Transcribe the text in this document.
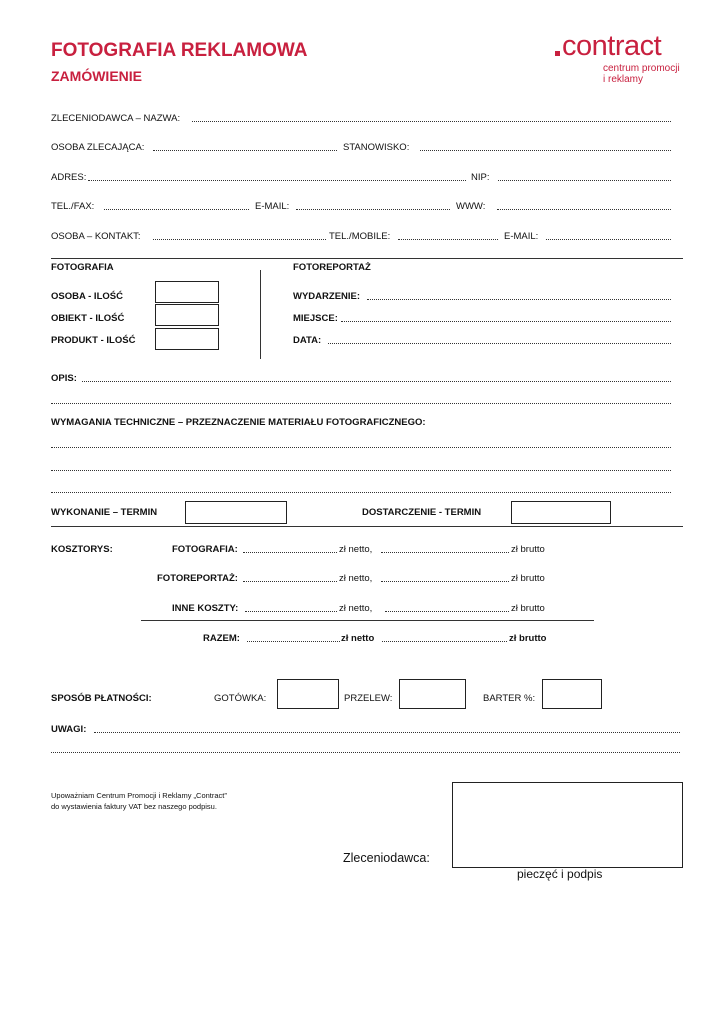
FOTOGRAFIA REKLAMOWA
ZAMÓWIENIE
contract
centrum promocji
i reklamy
ZLECENIODAWCA – NAZWA:
OSOBA ZLECAJĄCA:	STANOWISKO:
ADRES:	NIP:
TEL./FAX:	E-MAIL:	WWW:
OSOBA – KONTAKT:	TEL./MOBILE:	E-MAIL:
FOTOGRAFIA	FOTOREPORTAŻ
OSOBA - ILOŚĆ
OBIEKT - ILOŚĆ
PRODUKT - ILOŚĆ
WYDARZENIE:
MIEJSCE:
DATA:
OPIS:
WYMAGANIA TECHNICZNE – PRZEZNACZENIE MATERIAŁU FOTOGRAFICZNEGO:
WYKONANIE – TERMIN	DOSTARCZENIE - TERMIN
KOSZTORYS:	FOTOGRAFIA:	zł netto,	zł brutto
FOTOREPORTAŻ:	zł netto,	zł brutto
INNE KOSZTY:	zł netto,	zł brutto
RAZEM:	zł netto	zł brutto
SPOSÓB PŁATNOŚCI:	GOTÓWKA:	PRZELEW:	BARTER %:
UWAGI:
Upoważniam Centrum Promocji i Reklamy „Contract”
do wystawienia faktury VAT bez naszego podpisu.
Zleceniodawca:
pieczęć i podpis
